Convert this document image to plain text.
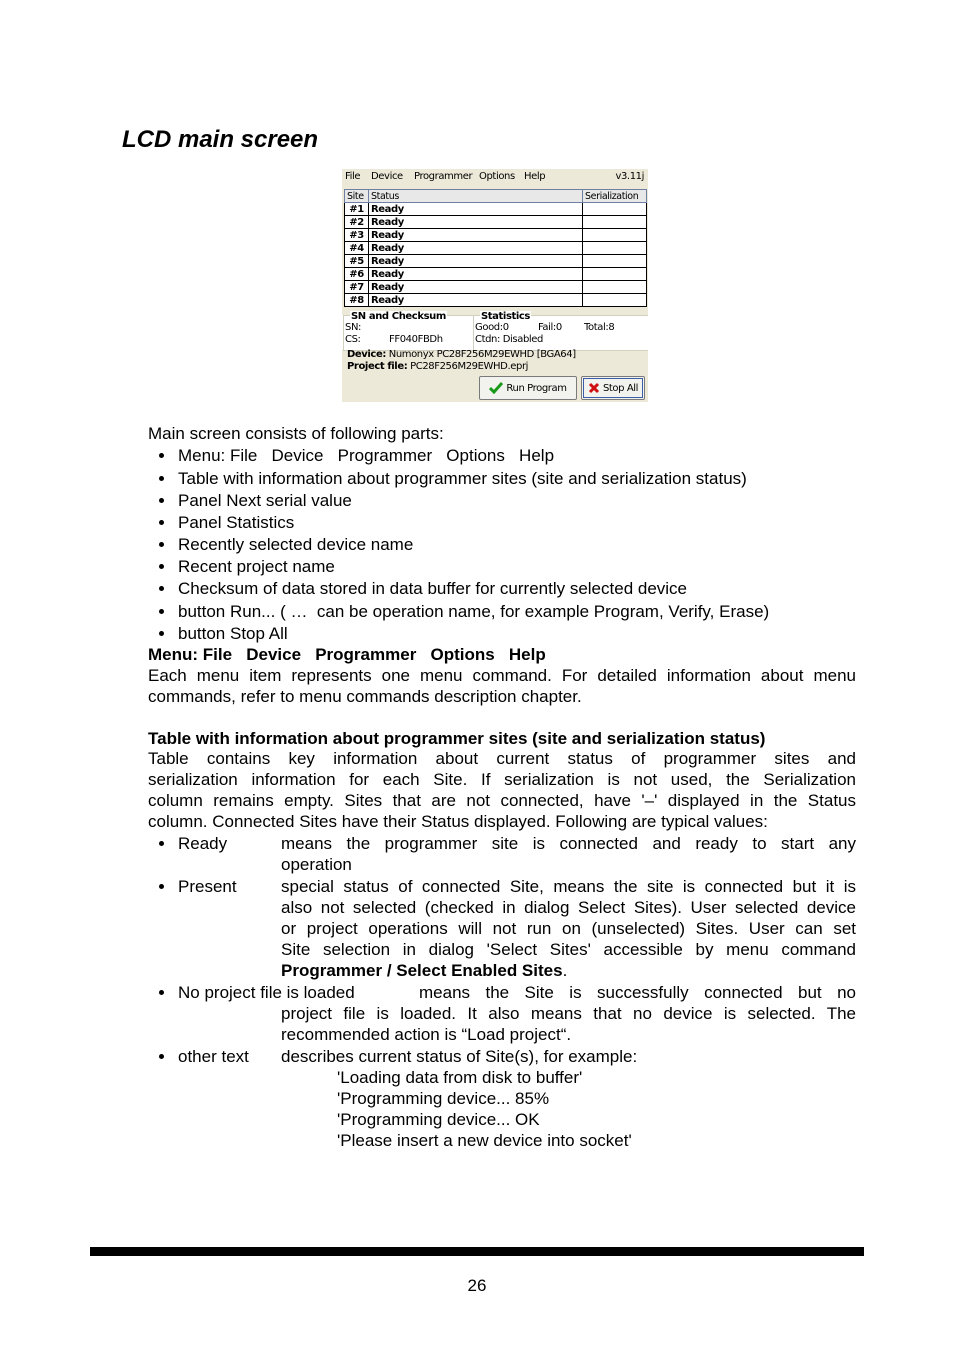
LCD main screen
File Device Programmer Options Help	v3.11j
Site	Status	Serialization
#1	Ready	
#2	Ready	
#3	Ready	
#4	Ready	
#5	Ready	
#6	Ready	
#7	Ready	
#8	Ready	
SN and Checksum
SN:
CS:	FF040FBDh
Statistics
Good:0	Fail:0 Total:8
Ctdn: Disabled
Device: Numonyx PC28F256M29EWHD [BGA64]
Project file: PC28F256M29EWHD.eprj
Run Program	Stop All

Main screen consists of following parts:

Menu: File   Device   Programmer   Options   Help

Table with information about programmer sites (site and serialization status)

Panel Next serial value

Panel Statistics

Recently selected device name

Recent project name

Checksum of data stored in data buffer for currently selected device

button Run... ( …  can be operation name, for example Program, Verify, Erase)

button Stop All

Menu: File   Device   Programmer   Options   Help

Each menu item represents one menu command. For detailed information about menu

commands, refer to menu commands description chapter.

Table with information about programmer sites (site and serialization status)

Table contains key information about current status of programmer sites and

serialization information for each Site. If serialization is not used, the Serialization

column remains empty. Sites that are not connected, have '–' displayed in the Status

column. Connected Sites have their Status displayed. Following are typical values:

Ready	means the programmer site is connected and ready to start any

operation

Present	special status of connected Site, means the site is connected but it is

also not selected (checked in dialog Select Sites). User selected device

or project operations will not run on (unselected) Sites. User can set

Site selection in dialog 'Select Sites' accessible by menu command

Programmer / Select Enabled Sites.

No project file is loaded	means the Site is successfully connected but no

project file is loaded. It also means that no device is selected. The

recommended action is “Load project“.

other text describes current status of Site(s), for example:

'Loading data from disk to buffer'

'Programming device... 85%

'Programming device... OK

'Please insert a new device into socket'

26
